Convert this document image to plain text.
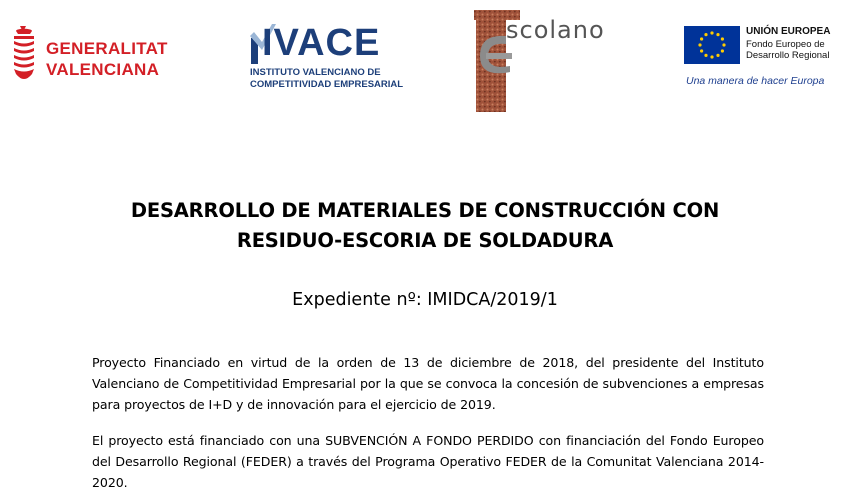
GENERALITAT
VALENCIANA
IVACE
INSTITUTO VALENCIANO DE
COMPETITIVIDAD EMPRESARIAL
scolano	UNIÓN EUROPEA
Fondo Europeo de
Desarrollo Regional
Una manera de hacer Europa
DESARROLLO DE MATERIALES DE CONSTRUCCIÓN CON
RESIDUO-ESCORIA DE SOLDADURA
Expediente nº: IMIDCA/2019/1
Proyecto Financiado en virtud de la orden de 13 de diciembre de 2018, del presidente del Instituto Valenciano de Competitividad Empresarial por la que se convoca la concesión de subvenciones a empresas para proyectos de I+D y de innovación para el ejercicio de 2019.
El proyecto está financiado con una SUBVENCIÓN A FONDO PERDIDO con financiación del Fondo Europeo del Desarrollo Regional (FEDER) a través del Programa Operativo FEDER de la Comunitat Valenciana 2014-2020.
